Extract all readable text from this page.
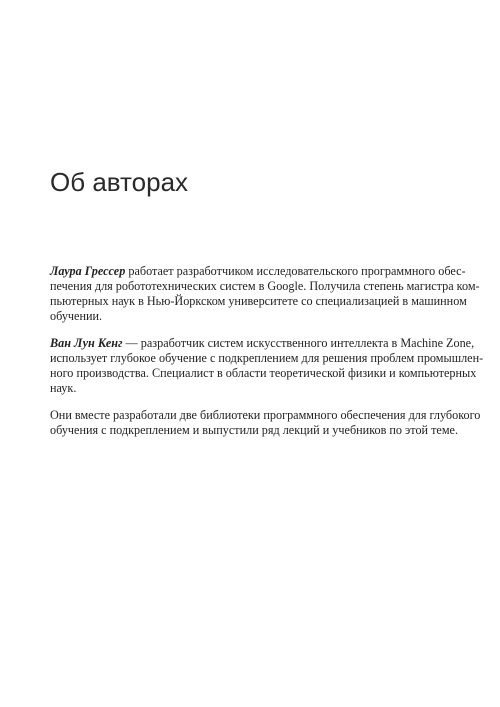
Об авторах

Лаура Грессер работает разработчиком исследовательского программного обес-
печения для робототехнических систем в Google. Получила степень магистра ком-
пьютерных наук в Нью-Йоркском университете со специализацией в машинном
обучении.

Ван Лун Кенг — разработчик систем искусственного интеллекта в Machine Zone,
использует глубокое обучение с подкреплением для решения проблем промышлен-
ного производства. Специалист в области теоретической физики и компьютерных
наук.

Они вместе разработали две библиотеки программного обеспечения для глубокого
обучения с подкреплением и выпустили ряд лекций и учебников по этой теме.
